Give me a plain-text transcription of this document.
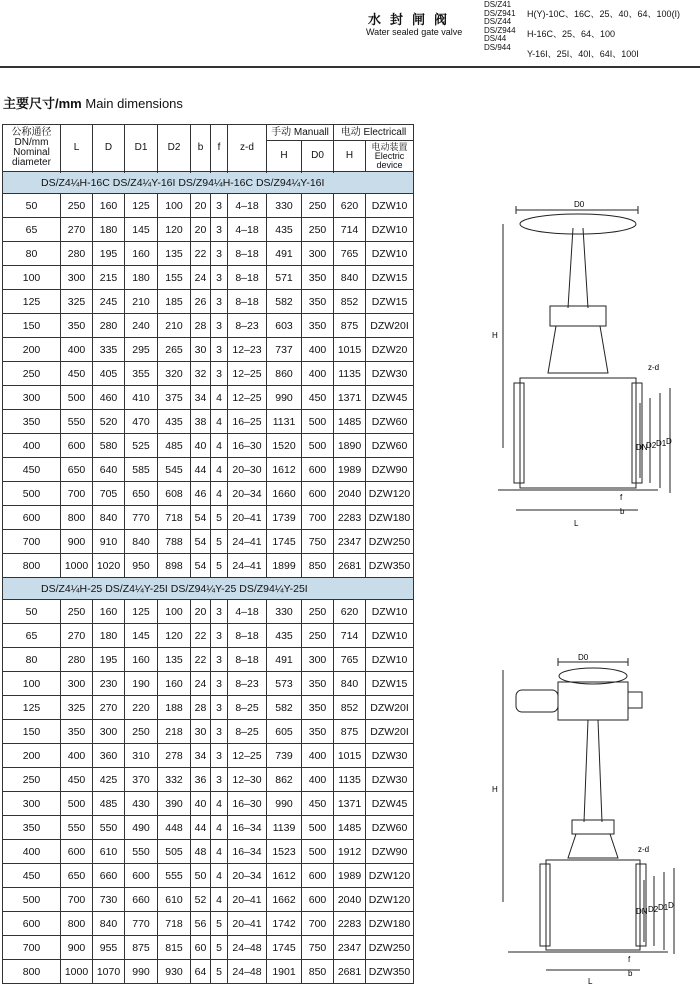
水封闸阀
Water sealed gate valve
DS/Z41
DS/Z941
DS/Z44
DS/Z944
DS/44
DS/944
H(Y)-10C、16C、25、40、64、100(I)
H-16C、25、64、100
Y-16I、25I、40I、64I、100I
主要尺寸/mm Main dimensions
公称通径 DN/mm Nominal diameter	L	D	D1	D2	b	f	z-d	手动 Manuall		电动 Electricall	
								H	D0	H	电动装置 Electric device

DS/Z4¼H-16C DS/Z4¼Y-16I DS/Z94¼H-16C DS/Z94¼Y-16I											
50	250	160	125	100	20	3	4–18	330	250	620	DZW10
65	270	180	145	120	20	3	4–18	435	250	714	DZW10
80	280	195	160	135	22	3	8–18	491	300	765	DZW10
100	300	215	180	155	24	3	8–18	571	350	840	DZW15
125	325	245	210	185	26	3	8–18	582	350	852	DZW15
150	350	280	240	210	28	3	8–23	603	350	875	DZW20I
200	400	335	295	265	30	3	12–23	737	400	1015	DZW20
250	450	405	355	320	32	3	12–25	860	400	1135	DZW30
300	500	460	410	375	34	4	12–25	990	450	1371	DZW45
350	550	520	470	435	38	4	16–25	1131	500	1485	DZW60
400	600	580	525	485	40	4	16–30	1520	500	1890	DZW60
450	650	640	585	545	44	4	20–30	1612	600	1989	DZW90
500	700	705	650	608	46	4	20–34	1660	600	2040	DZW120
600	800	840	770	718	54	5	20–41	1739	700	2283	DZW180
700	900	910	840	788	54	5	24–41	1745	750	2347	DZW250
800	1000	1020	950	898	54	5	24–41	1899	850	2681	DZW350
DS/Z4¼H-25 DS/Z4¼Y-25I DS/Z94¼Y-25 DS/Z94¼Y-25I											
50	250	160	125	100	20	3	4–18	330	250	620	DZW10
65	270	180	145	120	22	3	8–18	435	250	714	DZW10
80	280	195	160	135	22	3	8–18	491	300	765	DZW10
100	300	230	190	160	24	3	8–23	573	350	840	DZW15
125	325	270	220	188	28	3	8–25	582	350	852	DZW20I
150	350	300	250	218	30	3	8–25	605	350	875	DZW20I
200	400	360	310	278	34	3	12–25	739	400	1015	DZW30
250	450	425	370	332	36	3	12–30	862	400	1135	DZW30
300	500	485	430	390	40	4	16–30	990	450	1371	DZW45
350	550	550	490	448	44	4	16–34	1139	500	1485	DZW60
400	600	610	550	505	48	4	16–34	1523	500	1912	DZW90
450	650	660	600	555	50	4	20–34	1612	600	1989	DZW120
500	700	730	660	610	52	4	20–41	1662	600	2040	DZW120
600	800	840	770	718	56	5	20–41	1742	700	2283	DZW180
700	900	955	875	815	60	5	24–48	1745	750	2347	DZW250
800	1000	1070	990	930	64	5	24–48	1901	850	2681	DZW350
D0
H
z-d
DN
D2 D1 D
f
b
L
D0
H
z-d
DN D2 D1 D
f
b
L
